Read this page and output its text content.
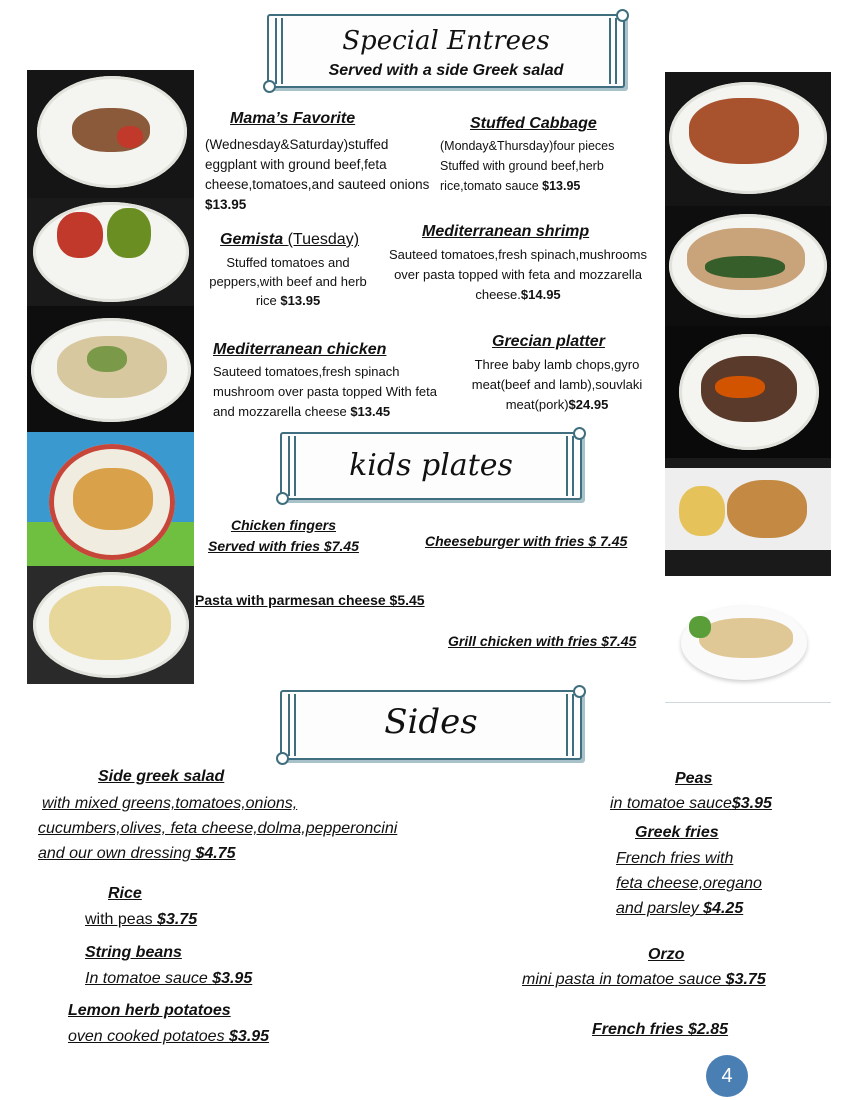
Special Entrees
Served with a side Greek salad
Mama’s Favorite
(Wednesday&Saturday)stuffed eggplant with ground beef,feta cheese,tomatoes,and sauteed onions $13.95
Stuffed Cabbage
(Monday&Thursday)four pieces Stuffed with ground beef,herb rice,tomato sauce $13.95
Gemista (Tuesday)
Stuffed tomatoes and peppers,with beef and herb rice $13.95
Mediterranean shrimp
Sauteed tomatoes,fresh spinach,mushrooms over pasta topped with feta and mozzarella cheese.$14.95
Mediterranean chicken
Sauteed tomatoes,fresh spinach mushroom over pasta topped With feta and mozzarella cheese $13.45
Grecian platter
Three baby lamb chops,gyro meat(beef and lamb),souvlaki meat(pork)$24.95
kids plates
Chicken fingers
Served with fries $7.45	Cheeseburger with fries $ 7.45
Pasta with parmesan cheese $5.45
Grill chicken with fries $7.45
Sides
Side greek salad
with mixed greens,tomatoes,onions,
cucumbers,olives, feta cheese,dolma,pepperoncini
and our own dressing $4.75
Rice
with peas $3.75
String beans
In tomatoe sauce $3.95
Lemon herb potatoes
oven cooked potatoes $3.95
Peas
in tomatoe sauce$3.95
Greek fries
French fries with
feta cheese,oregano
and parsley $4.25
Orzo
mini pasta in tomatoe sauce $3.75
French fries $2.85
4
